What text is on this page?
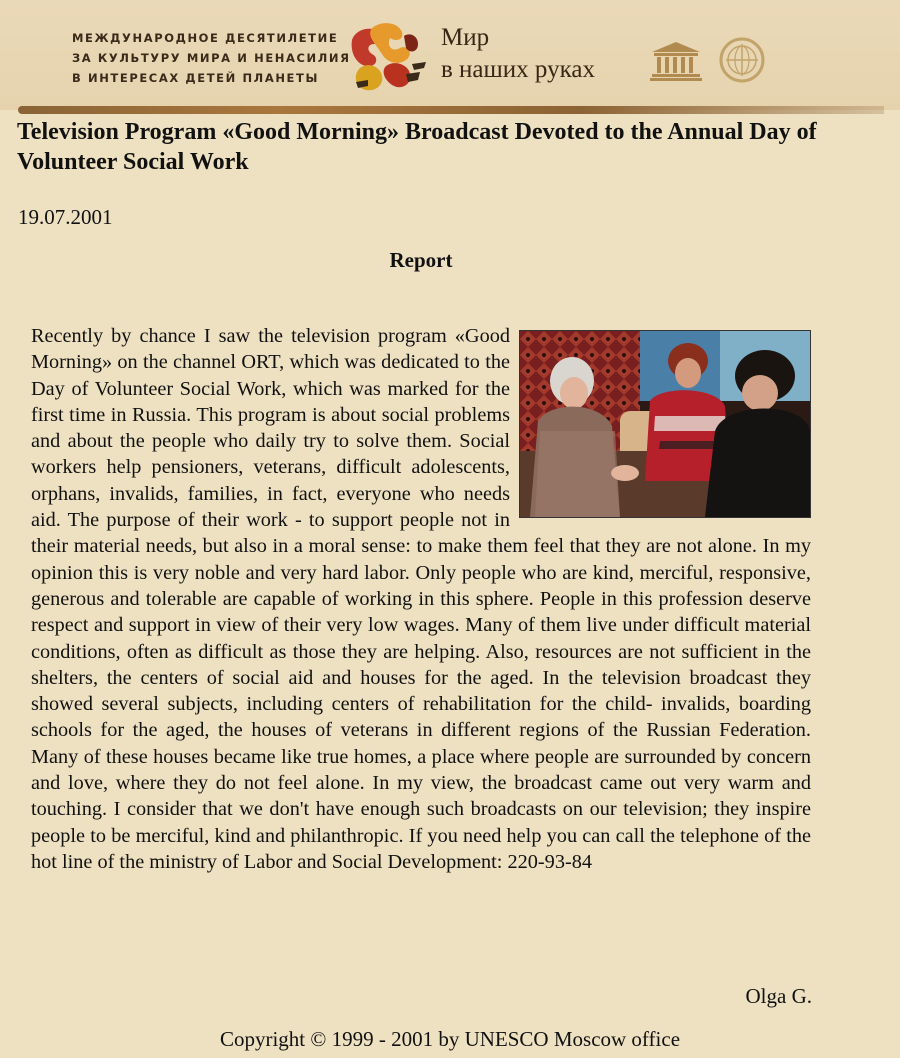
МЕЖДУНАРОДНОЕ ДЕСЯТИЛЕТИЕ
ЗА КУЛЬТУРУ МИРА И НЕНАСИЛИЯ
В ИНТЕРЕСАХ ДЕТЕЙ ПЛАНЕТЫ
Мир
в наших руках
Television Program «Good Morning» Broadcast Devoted to the Annual Day of Volunteer Social Work

19.07.2001

Report

Recently by chance I saw the television program «Good Morning» on the channel ORT, which was dedicated to the Day of Volunteer Social Work, which was marked for the first time in Russia. This program is about social problems and about the people who daily try to solve them. Social workers help pensioners, veterans, difficult adolescents, orphans, invalids, families, in fact, everyone who needs aid. The purpose of their work - to support people not in their material needs, but also in a moral sense: to make them feel that they are not alone. In my opinion this is very noble and very hard labor. Only people who are kind, merciful, responsive, generous and tolerable are capable of working in this sphere. People in this profession deserve respect and support in view of their very low wages. Many of them live under difficult material conditions, often as difficult as those they are helping. Also, resources are not sufficient in the shelters, the centers of social aid and houses for the aged. In the television broadcast they showed several subjects, including centers of rehabilitation for the child- invalids, boarding schools for the aged, the houses of veterans in different regions of the Russian Federation. Many of these houses became like true homes, a place where people are surrounded by concern and love, where they do not feel alone. In my view, the broadcast came out very warm and touching. I consider that we don't have enough such broadcasts on our television; they inspire people to be merciful, kind and philanthropic. If you need help you can call the telephone of the hot line of the ministry of Labor and Social Development: 220-93-84

Olga G.

Copyright © 1999 - 2001 by UNESCO Moscow office
